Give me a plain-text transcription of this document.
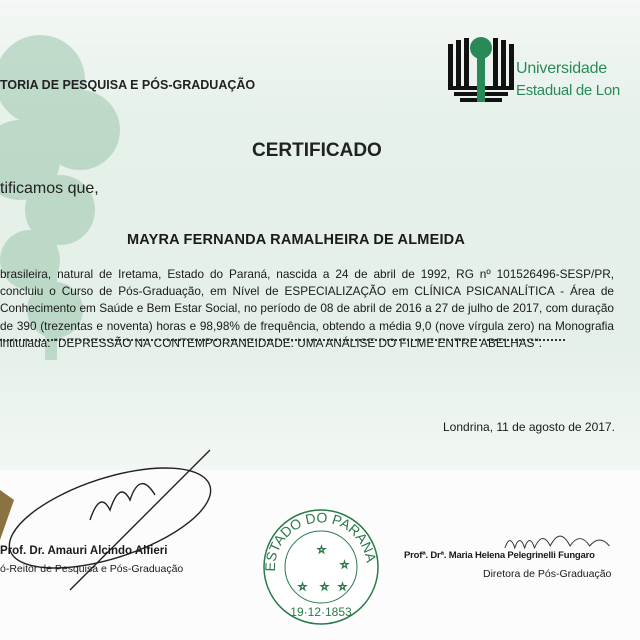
TORIA DE PESQUISA E PÓS-GRADUAÇÃO
Universidade
Estadual de Lon
CERTIFICADO
tificamos que,
MAYRA FERNANDA RAMALHEIRA DE ALMEIDA
brasileira, natural de Iretama, Estado do Paraná, nascida a 24 de abril de 1992, RG nº 101526496-SESP/PR, concluiu o Curso de Pós-Graduação, em Nível de ESPECIALIZAÇÃO em CLÍNICA PSICANALÍTICA - Área de Conhecimento em Saúde e Bem Estar Social, no período de 08 de abril de 2016 a 27 de julho de 2017, com duração de 390 (trezentas e noventa) horas e 98,98% de frequência, obtendo a média 9,0 (nove vírgula zero) na Monografia intitulada: "DEPRESSÃO NA CONTEMPORANEIDADE: UMA ANÁLISE DO FILME ENTRE ABELHAS".
Londrina, 11 de agosto de 2017.
Prof. Dr. Amauri Alcindo Alfieri
ó-Reitor de Pesquisa e Pós-Graduação	ESTADO DO PARANÁ
19·12·1853
☆
☆
☆ ☆ ☆
Profª. Drª. Maria Helena Pelegrinelli Fungaro
Diretora de Pós-Graduação
